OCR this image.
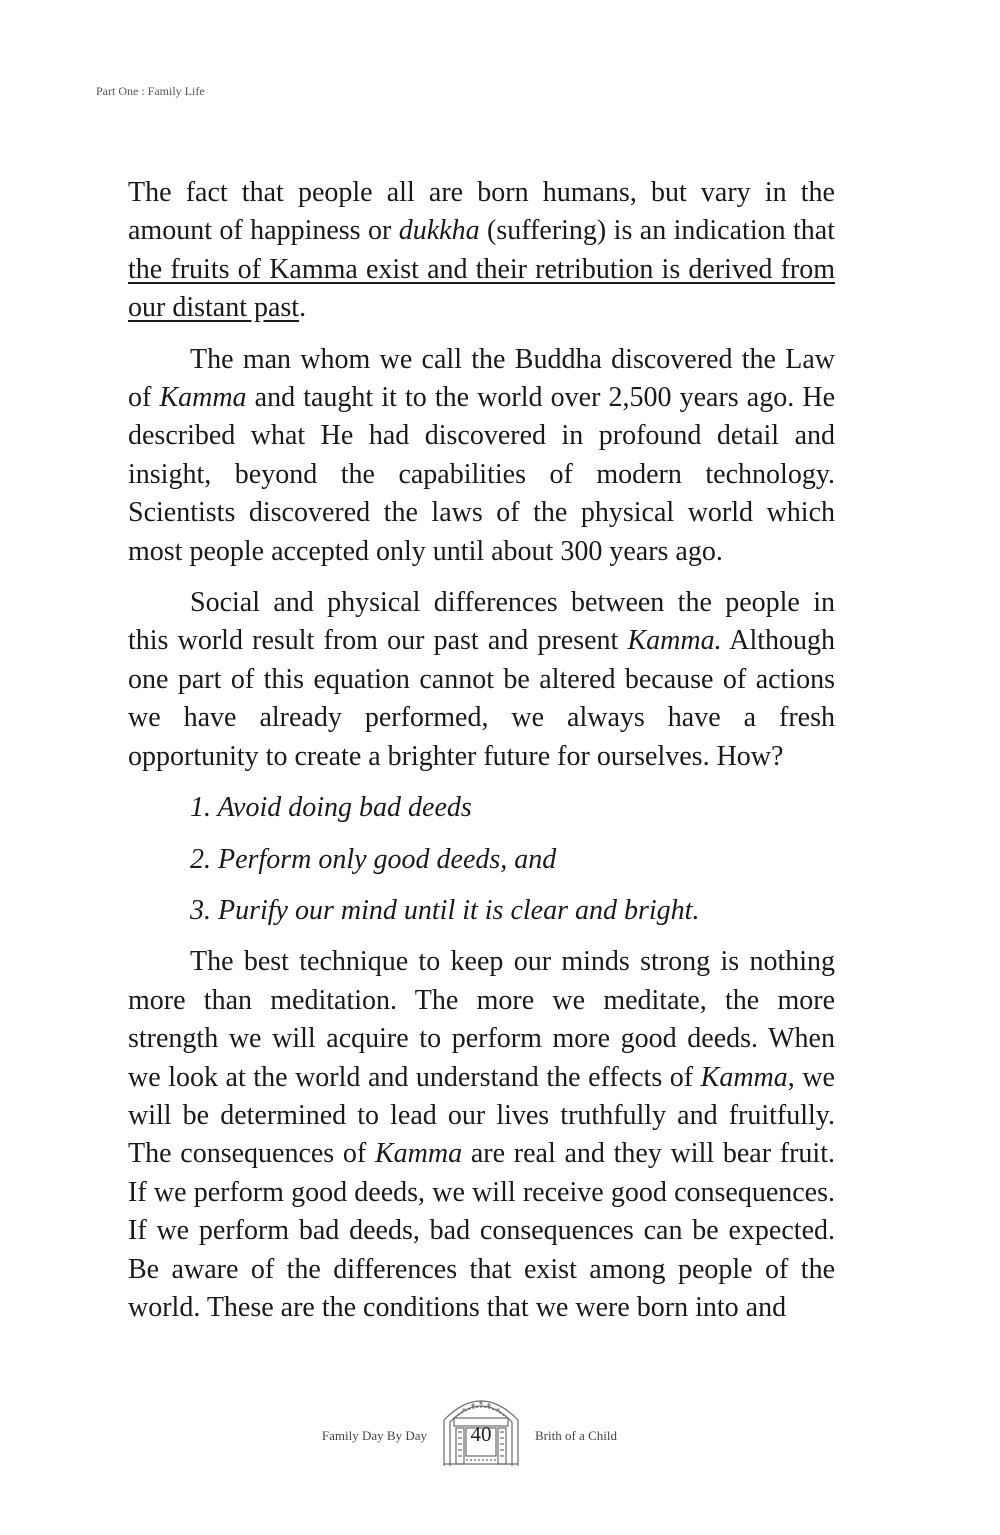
Part One : Family Life

The fact that people all are born humans, but vary in the amount of happiness or dukkha (suffering) is an indication that the fruits of Kamma exist and their retribution is derived from our distant past.

The man whom we call the Buddha discovered the Law of Kamma and taught it to the world over 2,500 years ago. He described what He had discovered in profound detail and insight, beyond the capabilities of modern technology. Scientists discovered the laws of the physical world which most people accepted only until about 300 years ago.

Social and physical differences between the people in this world result from our past and present Kamma. Although one part of this equation cannot be altered because of actions we have already performed, we always have a fresh opportunity to create a brighter future for ourselves. How?

1. Avoid doing bad deeds
2. Perform only good deeds, and
3. Purify our mind until it is clear and bright.

The best technique to keep our minds strong is nothing more than meditation. The more we meditate, the more strength we will acquire to perform more good deeds. When we look at the world and understand the effects of Kamma, we will be determined to lead our lives truthfully and fruitfully. The consequences of Kamma are real and they will bear fruit. If we perform good deeds, we will receive good consequences. If we perform bad deeds, bad consequences can be expected. Be aware of the differences that exist among people of the world. These are the conditions that we were born into and

Family Day By Day	40	Brith of a Child
